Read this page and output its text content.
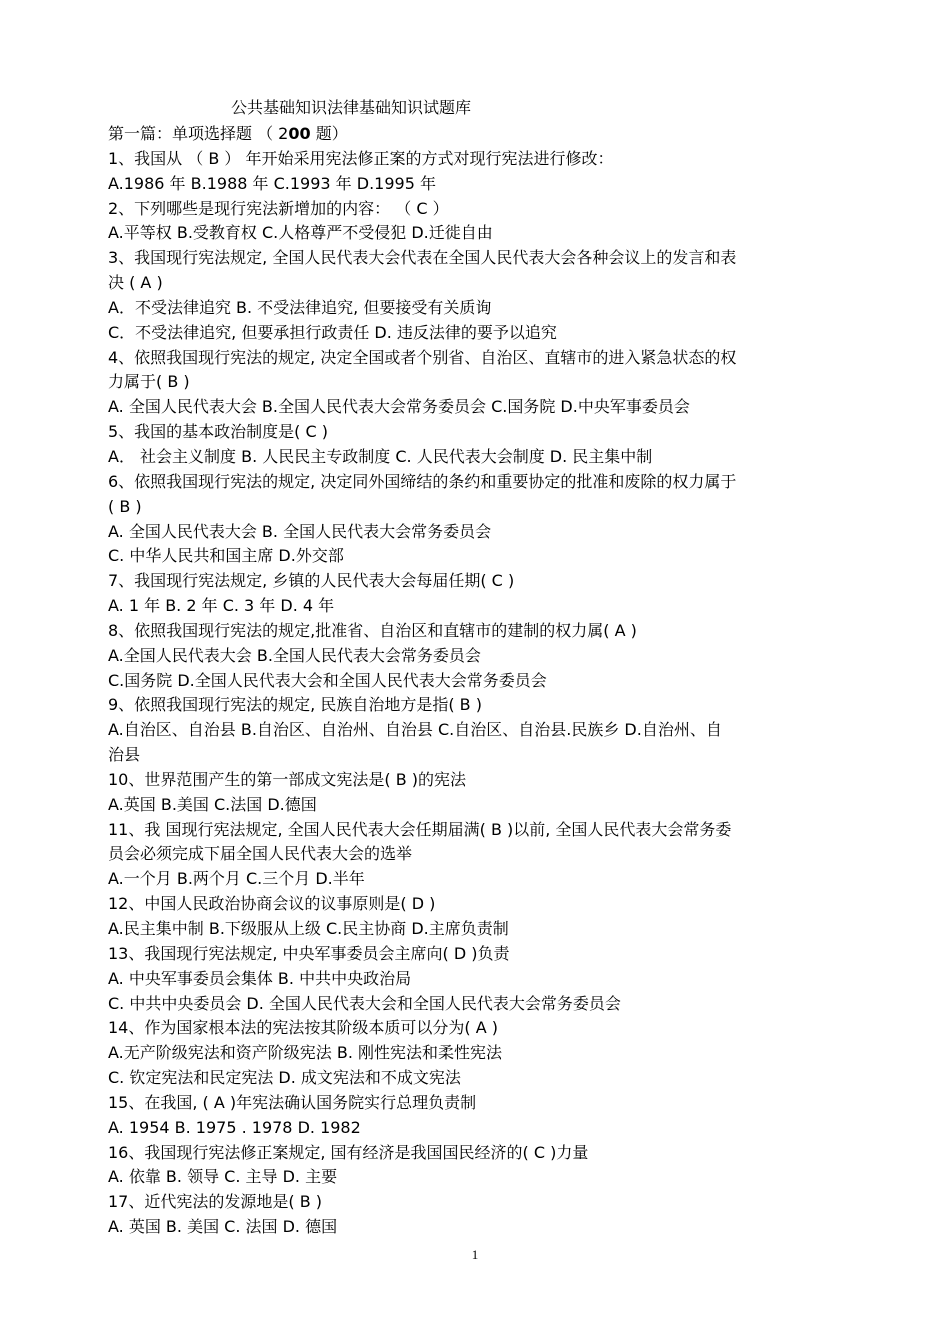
公共基础知识法律基础知识试题库
第一篇：单项选择题 （ 200 题）
1、我国从 （ B ） 年开始采用宪法修正案的方式对现行宪法进行修改：
A.1986 年 B.1988 年 C.1993 年 D.1995 年
2、下列哪些是现行宪法新增加的内容： （ C ）
A.平等权 B.受教育权 C.人格尊严不受侵犯 D.迁徙自由
3、我国现行宪法规定, 全国人民代表大会代表在全国人民代表大会各种会议上的发言和表
决 ( A )
A．不受法律追究 B. 不受法律追究, 但要接受有关质询
C．不受法律追究, 但要承担行政责任 D. 违反法律的要予以追究
4、依照我国现行宪法的规定, 决定全国或者个别省、自治区、直辖市的进入紧急状态的权
力属于( B )
A. 全国人民代表大会 B.全国人民代表大会常务委员会 C.国务院 D.中央军事委员会
5、我国的基本政治制度是( C )
A． 社会主义制度 B. 人民民主专政制度 C. 人民代表大会制度 D. 民主集中制
6、依照我国现行宪法的规定, 决定同外国缔结的条约和重要协定的批准和废除的权力属于
( B )
A. 全国人民代表大会 B. 全国人民代表大会常务委员会
C. 中华人民共和国主席 D.外交部
7、我国现行宪法规定, 乡镇的人民代表大会每届任期( C )
A. 1 年 B. 2 年 C. 3 年 D. 4 年
8、依照我国现行宪法的规定,批准省、自治区和直辖市的建制的权力属( A )
A.全国人民代表大会 B.全国人民代表大会常务委员会
C.国务院 D.全国人民代表大会和全国人民代表大会常务委员会
9、依照我国现行宪法的规定, 民族自治地方是指( B )
A.自治区、自治县 B.自治区、自治州、自治县 C.自治区、自治县.民族乡 D.自治州、自
治县
10、世界范围产生的第一部成文宪法是( B )的宪法
A.英国 B.美国 C.法国 D.德国
11、我 国现行宪法规定, 全国人民代表大会任期届满( B )以前, 全国人民代表大会常务委
员会必须完成下届全国人民代表大会的选举
A.一个月 B.两个月 C.三个月 D.半年
12、中国人民政治协商会议的议事原则是( D )
A.民主集中制 B.下级服从上级 C.民主协商 D.主席负责制
13、我国现行宪法规定, 中央军事委员会主席向( D )负责
A. 中央军事委员会集体 B. 中共中央政治局
C. 中共中央委员会 D. 全国人民代表大会和全国人民代表大会常务委员会
14、作为国家根本法的宪法按其阶级本质可以分为( A )
A.无产阶级宪法和资产阶级宪法 B. 刚性宪法和柔性宪法
C. 钦定宪法和民定宪法 D. 成文宪法和不成文宪法
15、在我国, ( A )年宪法确认国务院实行总理负责制
A. 1954 B. 1975 . 1978 D. 1982
16、我国现行宪法修正案规定, 国有经济是我国国民经济的( C )力量
A. 依靠 B. 领导 C. 主导 D. 主要
17、近代宪法的发源地是( B )
A. 英国 B. 美国 C. 法国 D. 德国
1
